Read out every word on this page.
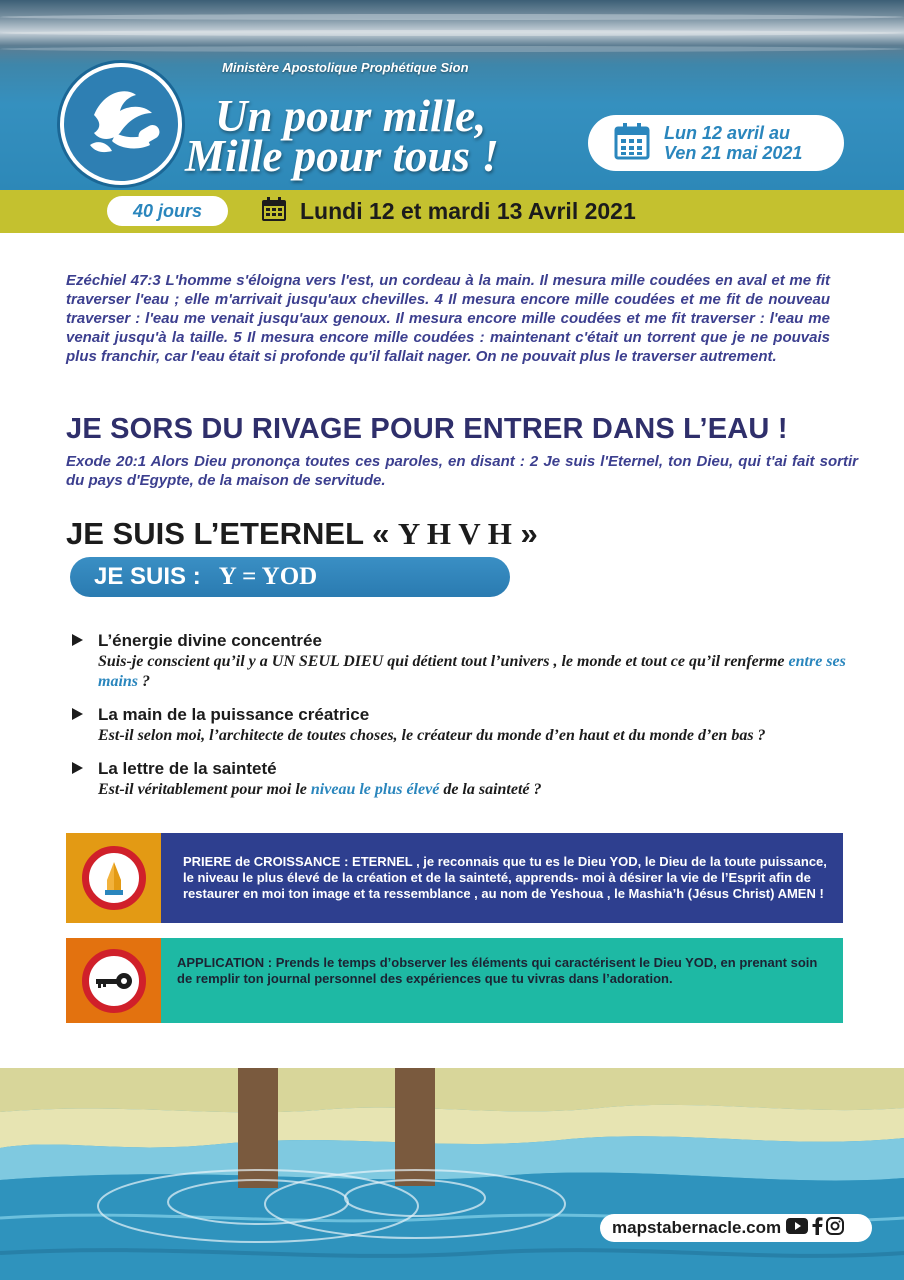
Ministère Apostolique Prophétique Sion
Un pour mille,
Mille pour tous !	Lun 12 avril au
Ven 21 mai 2021
40 jours	Lundi 12 et mardi 13 Avril 2021

Ezéchiel 47:3 L'homme s'éloigna vers l'est, un cordeau à la main. Il mesura mille coudées en aval et me fit traverser l'eau ; elle m'arrivait jusqu'aux chevilles. 4 Il mesura encore mille coudées et me fit de nouveau traverser : l'eau me venait jusqu'aux genoux. Il mesura encore mille coudées et me fit traverser : l'eau me venait jusqu'à la taille. 5 Il mesura encore mille coudées : maintenant c'était un torrent que je ne pouvais plus franchir, car l'eau était si profonde qu'il fallait nager. On ne pouvait plus le traverser autrement.

JE SORS DU RIVAGE POUR ENTRER DANS L’EAU !

Exode 20:1 Alors Dieu prononça toutes ces paroles, en disant : 2 Je suis l'Eternel, ton Dieu, qui t'ai fait sortir du pays d'Egypte, de la maison de servitude.

JE SUIS L’ETERNEL « Y H V H »
JE SUIS : Y = YOD
L’énergie divine concentrée
Suis-je conscient qu’il y a UN SEUL DIEU qui détient tout l’univers , le monde et tout ce qu’il renferme entre ses mains ?
La main de la puissance créatrice
Est-il selon moi, l’architecte de toutes choses, le créateur du monde d’en haut et du monde d’en bas ?
La lettre de la sainteté
Est-il véritablement pour moi le niveau le plus élevé de la sainteté ?
PRIERE de CROISSANCE : ETERNEL , je reconnais que tu es le Dieu YOD, le Dieu de la toute puissance, le niveau le plus élevé de la création et de la sainteté, apprends- moi à désirer la vie de l’Esprit afin de restaurer en moi ton image et ta ressemblance , au nom de Yeshoua , le Mashia’h (Jésus Christ) AMEN !
APPLICATION : Prends le temps d’observer les éléments qui caractérisent le Dieu YOD, en prenant soin de remplir ton journal personnel des expériences que tu vivras dans l’adoration.
mapstabernacle.com
